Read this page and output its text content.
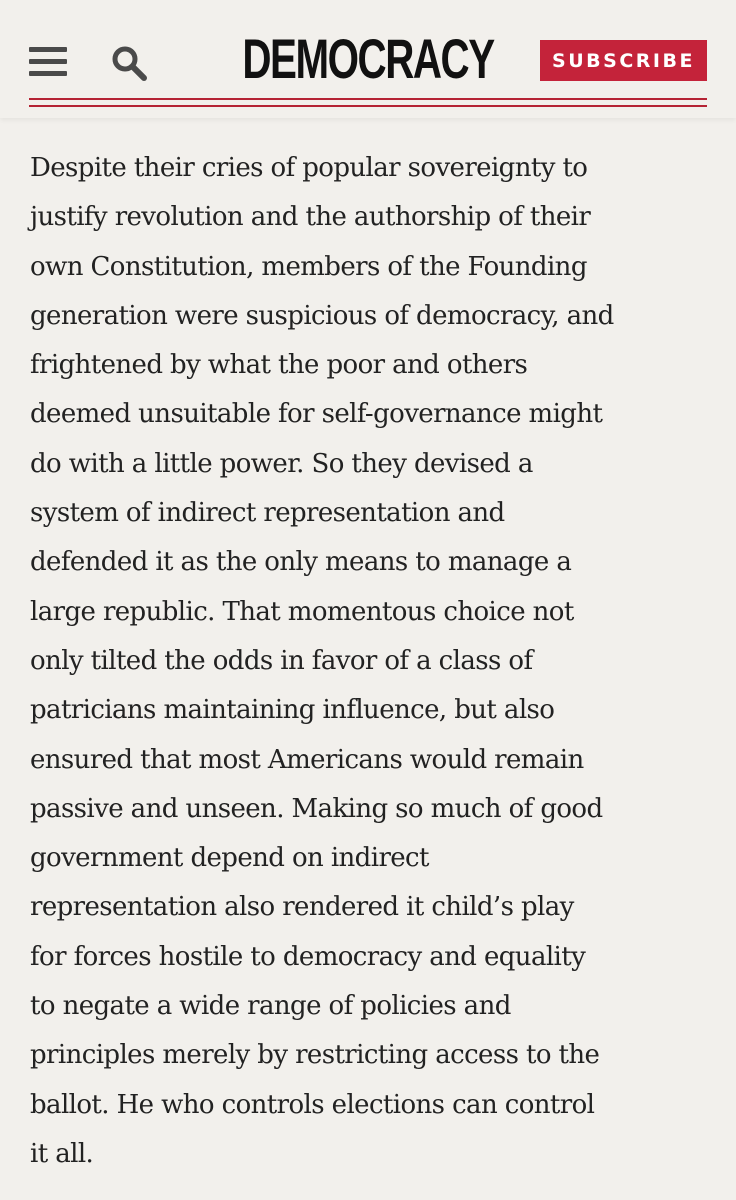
DEMOCRACY	SUBSCRIBE

Despite their cries of popular sovereignty to
justify revolution and the authorship of their
own Constitution, members of the Founding
generation were suspicious of democracy, and
frightened by what the poor and others
deemed unsuitable for self-governance might
do with a little power. So they devised a
system of indirect representation and
defended it as the only means to manage a
large republic. That momentous choice not
only tilted the odds in favor of a class of
patricians maintaining influence, but also
ensured that most Americans would remain
passive and unseen. Making so much of good
government depend on indirect
representation also rendered it child’s play
for forces hostile to democracy and equality
to negate a wide range of policies and
principles merely by restricting access to the
ballot. He who controls elections can control
it all.
